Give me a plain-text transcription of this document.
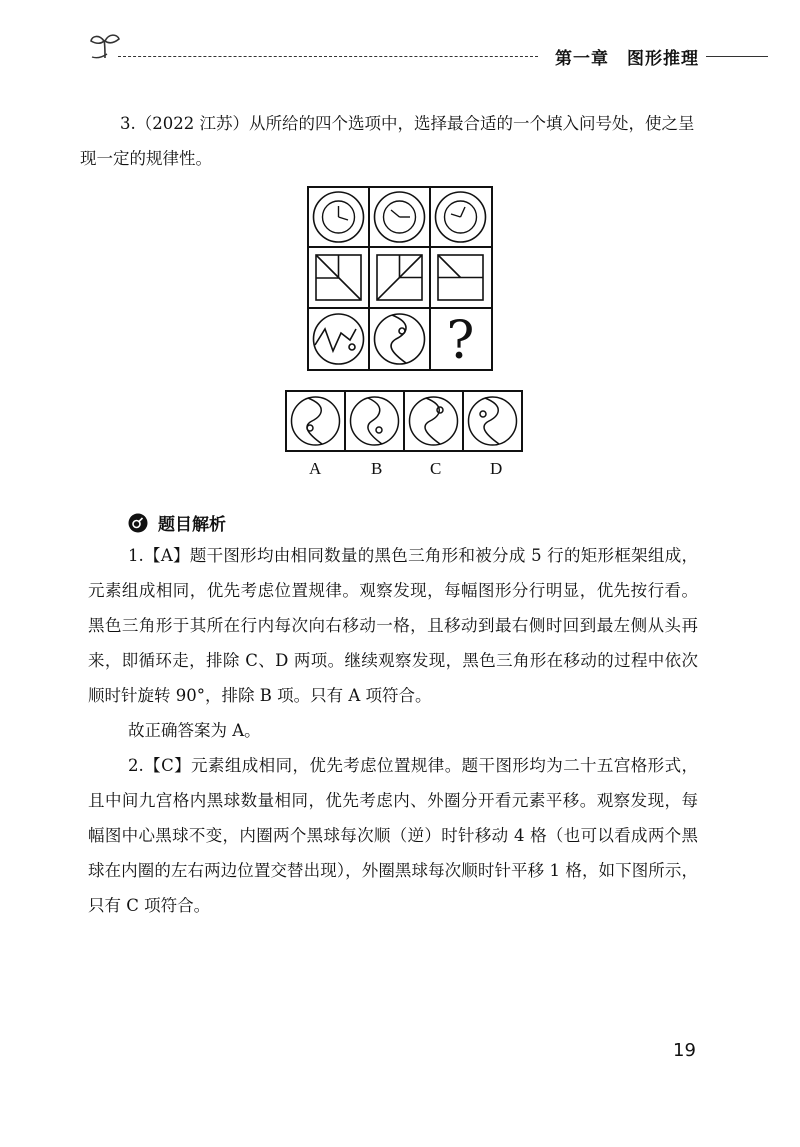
第一章　图形推理
3.（2022 江苏）从所给的四个选项中，选择最合适的一个填入问号处，使之呈
现一定的规律性。
?
A	B	C	D
题目解析
1.【A】题干图形均由相同数量的黑色三角形和被分成 5 行的矩形框架组成，元素组成相同，优先考虑位置规律。观察发现，每幅图形分行明显，优先按行看。黑色三角形于其所在行内每次向右移动一格，且移动到最右侧时回到最左侧从头再来，即循环走，排除 C、D 两项。继续观察发现，黑色三角形在移动的过程中依次顺时针旋转 90°，排除 B 项。只有 A 项符合。
故正确答案为 A。
2.【C】元素组成相同，优先考虑位置规律。题干图形均为二十五宫格形式，且中间九宫格内黑球数量相同，优先考虑内、外圈分开看元素平移。观察发现，每幅图中心黑球不变，内圈两个黑球每次顺（逆）时针移动 4 格（也可以看成两个黑球在内圈的左右两边位置交替出现），外圈黑球每次顺时针平移 1 格，如下图所示，只有 C 项符合。
19
